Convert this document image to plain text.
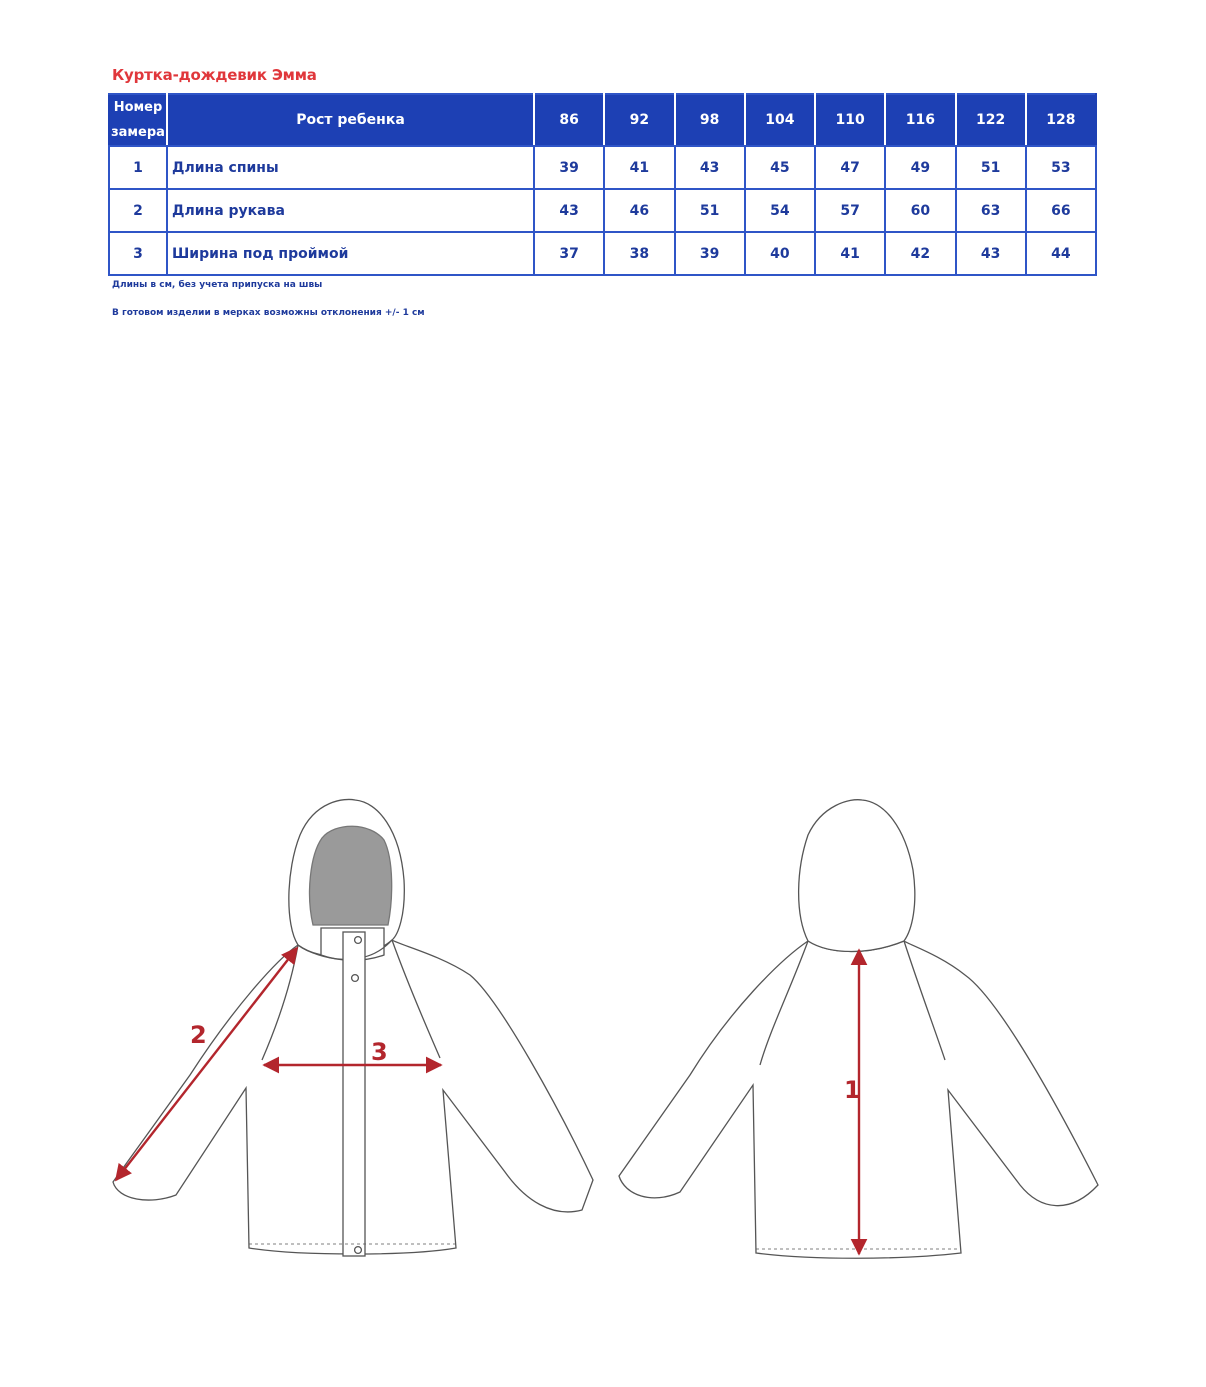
Куртка-дождевик Эмма
Номер замера	Рост ребенка	86	92	98	104	110	116	122	128
1	Длина спины	39	41	43	45	47	49	51	53
2	Длина рукава	43	46	51	54	57	60	63	66
3	Ширина под проймой	37	38	39	40	41	42	43	44
Длины в см, без учета припуска на швы
В готовом изделии в мерках возможны отклонения +/- 1 см
2
3
1
